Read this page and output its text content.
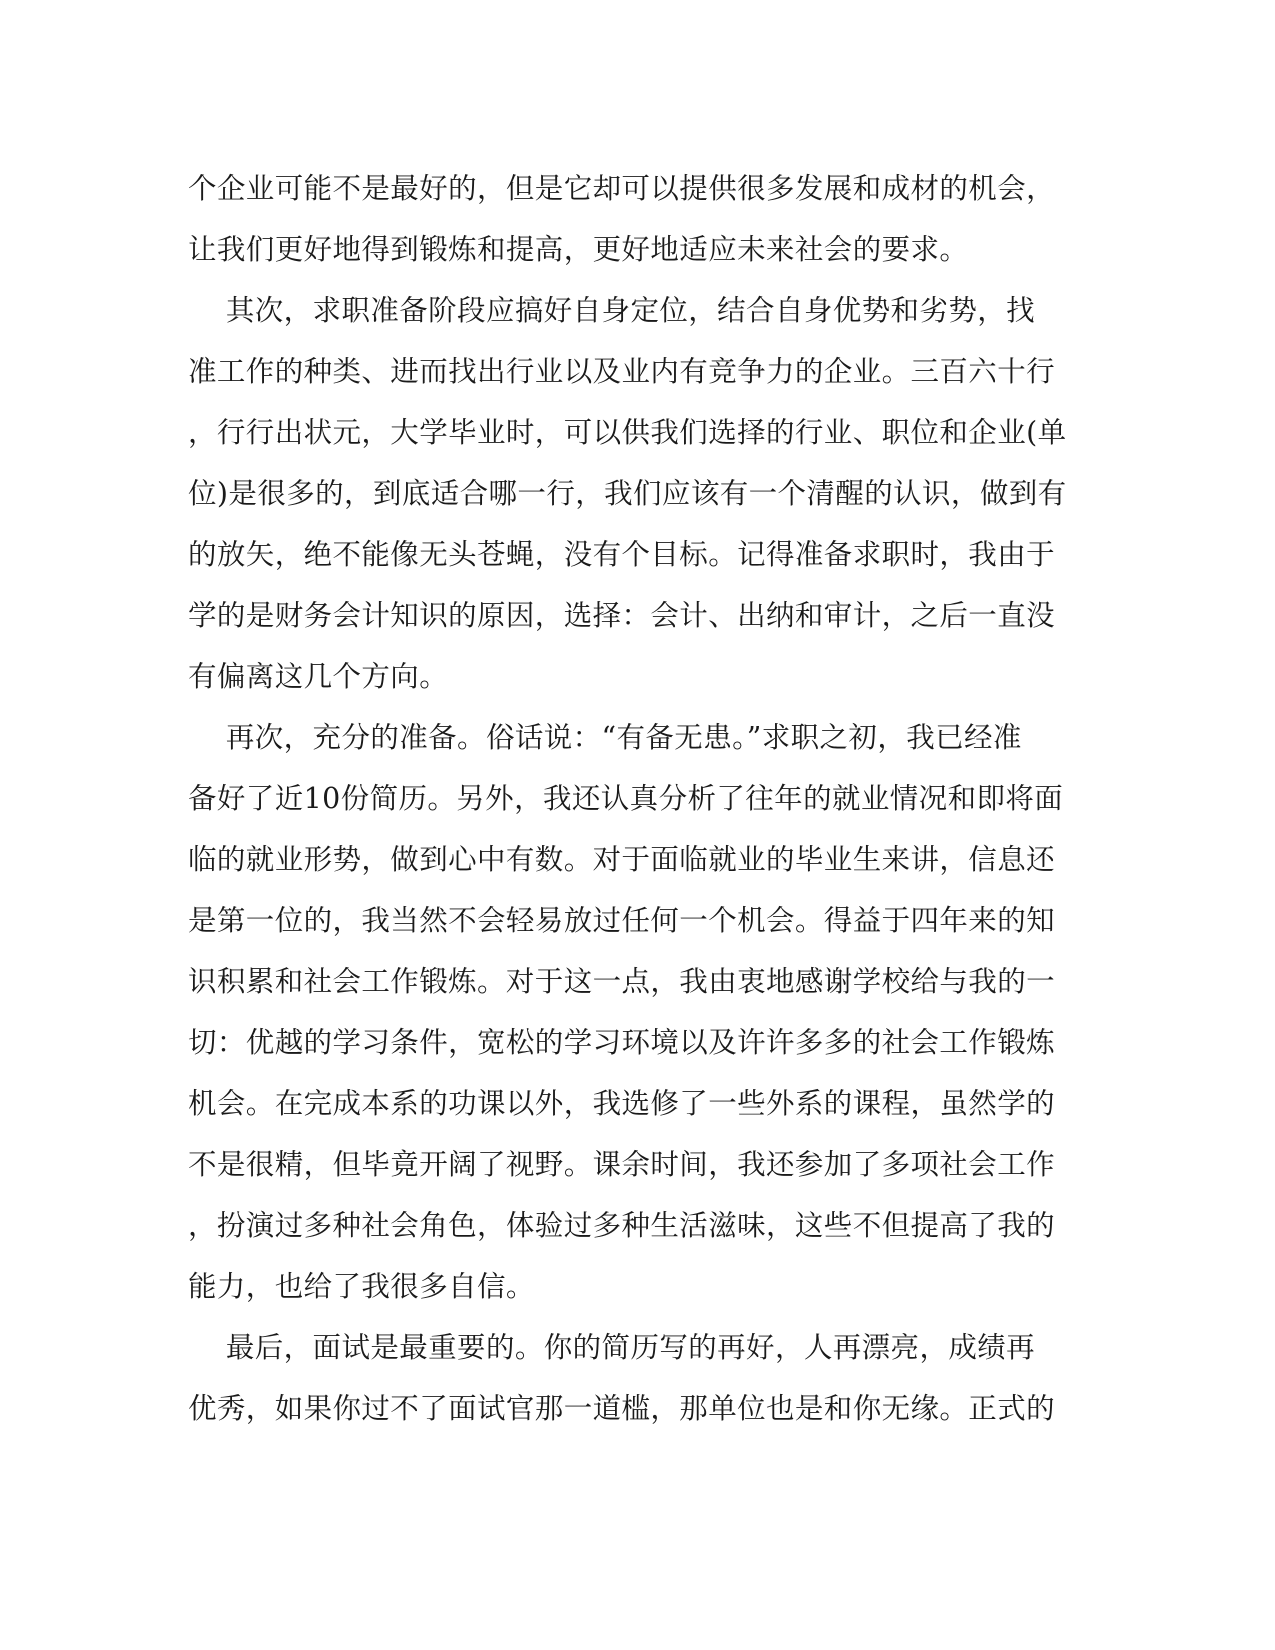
个企业可能不是最好的，但是它却可以提供很多发展和成材的机会，
让我们更好地得到锻炼和提高，更好地适应未来社会的要求。
其次，求职准备阶段应搞好自身定位，结合自身优势和劣势，找
准工作的种类、进而找出行业以及业内有竞争力的企业。三百六十行
，行行出状元，大学毕业时，可以供我们选择的行业、职位和企业(单
位)是很多的，到底适合哪一行，我们应该有一个清醒的认识，做到有
的放矢，绝不能像无头苍蝇，没有个目标。记得准备求职时，我由于
学的是财务会计知识的原因，选择：会计、出纳和审计，之后一直没
有偏离这几个方向。
再次，充分的准备。俗话说：“有备无患。”求职之初，我已经准
备好了近10份简历。另外，我还认真分析了往年的就业情况和即将面
临的就业形势，做到心中有数。对于面临就业的毕业生来讲，信息还
是第一位的，我当然不会轻易放过任何一个机会。得益于四年来的知
识积累和社会工作锻炼。对于这一点，我由衷地感谢学校给与我的一
切：优越的学习条件，宽松的学习环境以及许许多多的社会工作锻炼
机会。在完成本系的功课以外，我选修了一些外系的课程，虽然学的
不是很精，但毕竟开阔了视野。课余时间，我还参加了多项社会工作
，扮演过多种社会角色，体验过多种生活滋味，这些不但提高了我的
能力，也给了我很多自信。
最后，面试是最重要的。你的简历写的再好，人再漂亮，成绩再
优秀，如果你过不了面试官那一道槛，那单位也是和你无缘。正式的
